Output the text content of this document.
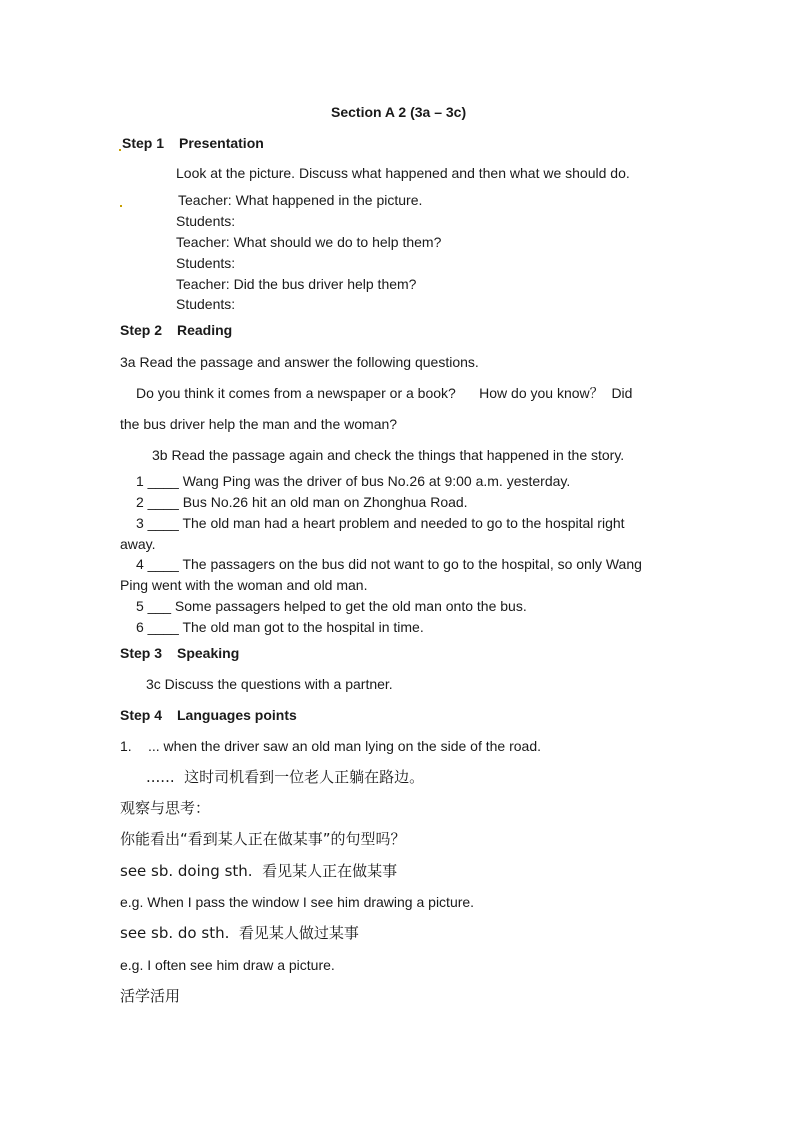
Section A 2 (3a – 3c)
Step 1 Presentation
Look at the picture. Discuss what happened and then what we should do.
Teacher: What happened in the picture.
Students:
Teacher: What should we do to help them?
Students:
Teacher: Did the bus driver help them?
Students:
Step 2 Reading
3a Read the passage and answer the following questions.
Do you think it comes from a newspaper or a book?      How do you know？  Did
the bus driver help the man and the woman?
3b Read the passage again and check the things that happened in the story.
1 ____ Wang Ping was the driver of bus No.26 at 9:00 a.m. yesterday.
2 ____ Bus No.26 hit an old man on Zhonghua Road.
3 ____ The old man had a heart problem and needed to go to the hospital right
away.
4 ____ The passagers on the bus did not want to go to the hospital, so only Wang
Ping went with the woman and old man.
5 ___ Some passagers helped to get the old man onto the bus.
6 ____ The old man got to the hospital in time.
Step 3 Speaking
3c Discuss the questions with a partner.
Step 4 Languages points
1. ... when the driver saw an old man lying on the side of the road.
......  这时司机看到一位老人正躺在路边。
观察与思考：
你能看出“看到某人正在做某事”的句型吗？
see sb. doing sth.  看见某人正在做某事
e.g. When I pass the window I see him drawing a picture.
see sb. do sth.  看见某人做过某事
e.g. I often see him draw a picture.
活学活用
